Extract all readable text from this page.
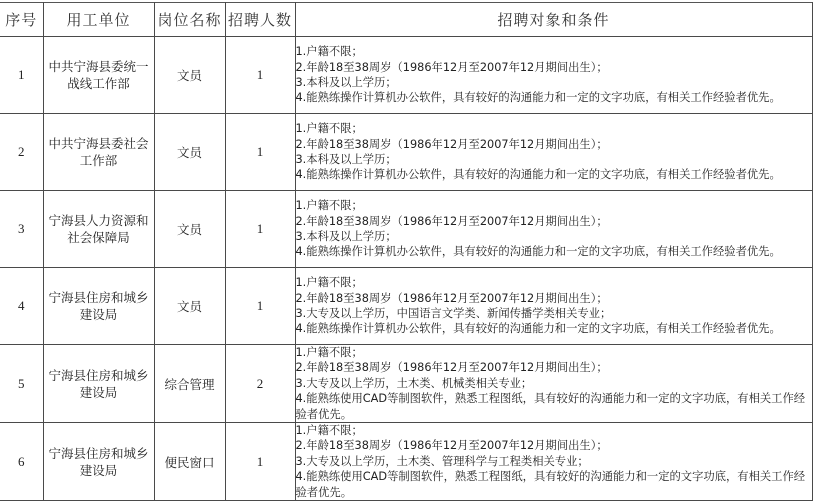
序号	用工单位	岗位名称	招聘人数	招聘对象和条件
1	中共宁海县委统一战线工作部	文员	1	1.户籍不限；
2.年龄18至38周岁（1986年12月至2007年12月期间出生）；
3.本科及以上学历；
4.能熟练操作计算机办公软件，具有较好的沟通能力和一定的文字功底，有相关工作经验者优先。

2	中共宁海县委社会工作部	文员	1	1.户籍不限；
2.年龄18至38周岁（1986年12月至2007年12月期间出生）；
3.本科及以上学历；
4.能熟练操作计算机办公软件，具有较好的沟通能力和一定的文字功底，有相关工作经验者优先。

3	宁海县人力资源和社会保障局	文员	1	1.户籍不限；
2.年龄18至38周岁（1986年12月至2007年12月期间出生）；
3.本科及以上学历；
4.能熟练操作计算机办公软件，具有较好的沟通能力和一定的文字功底，有相关工作经验者优先。

4	宁海县住房和城乡建设局	文员	1	1.户籍不限；
2.年龄18至38周岁（1986年12月至2007年12月期间出生）；
3.大专及以上学历，中国语言文学类、新闻传播学类相关专业；
4.能熟练操作计算机办公软件，具有较好的沟通能力和一定的文字功底，有相关工作经验者优先。

5	宁海县住房和城乡建设局	综合管理	2	1.户籍不限；
2.年龄18至38周岁（1986年12月至2007年12月期间出生）；
3.大专及以上学历，土木类、机械类相关专业；
4.能熟练使用CAD等制图软件，熟悉工程图纸，具有较好的沟通能力和一定的文字功底，有相关工作经验者优先。

6	宁海县住房和城乡建设局	便民窗口	1	1.户籍不限；
2.年龄18至38周岁（1986年12月至2007年12月期间出生）；
3.大专及以上学历，土木类、管理科学与工程类相关专业；
4.能熟练使用CAD等制图软件，熟悉工程图纸，具有较好的沟通能力和一定的文字功底，有相关工作经验者优先。
